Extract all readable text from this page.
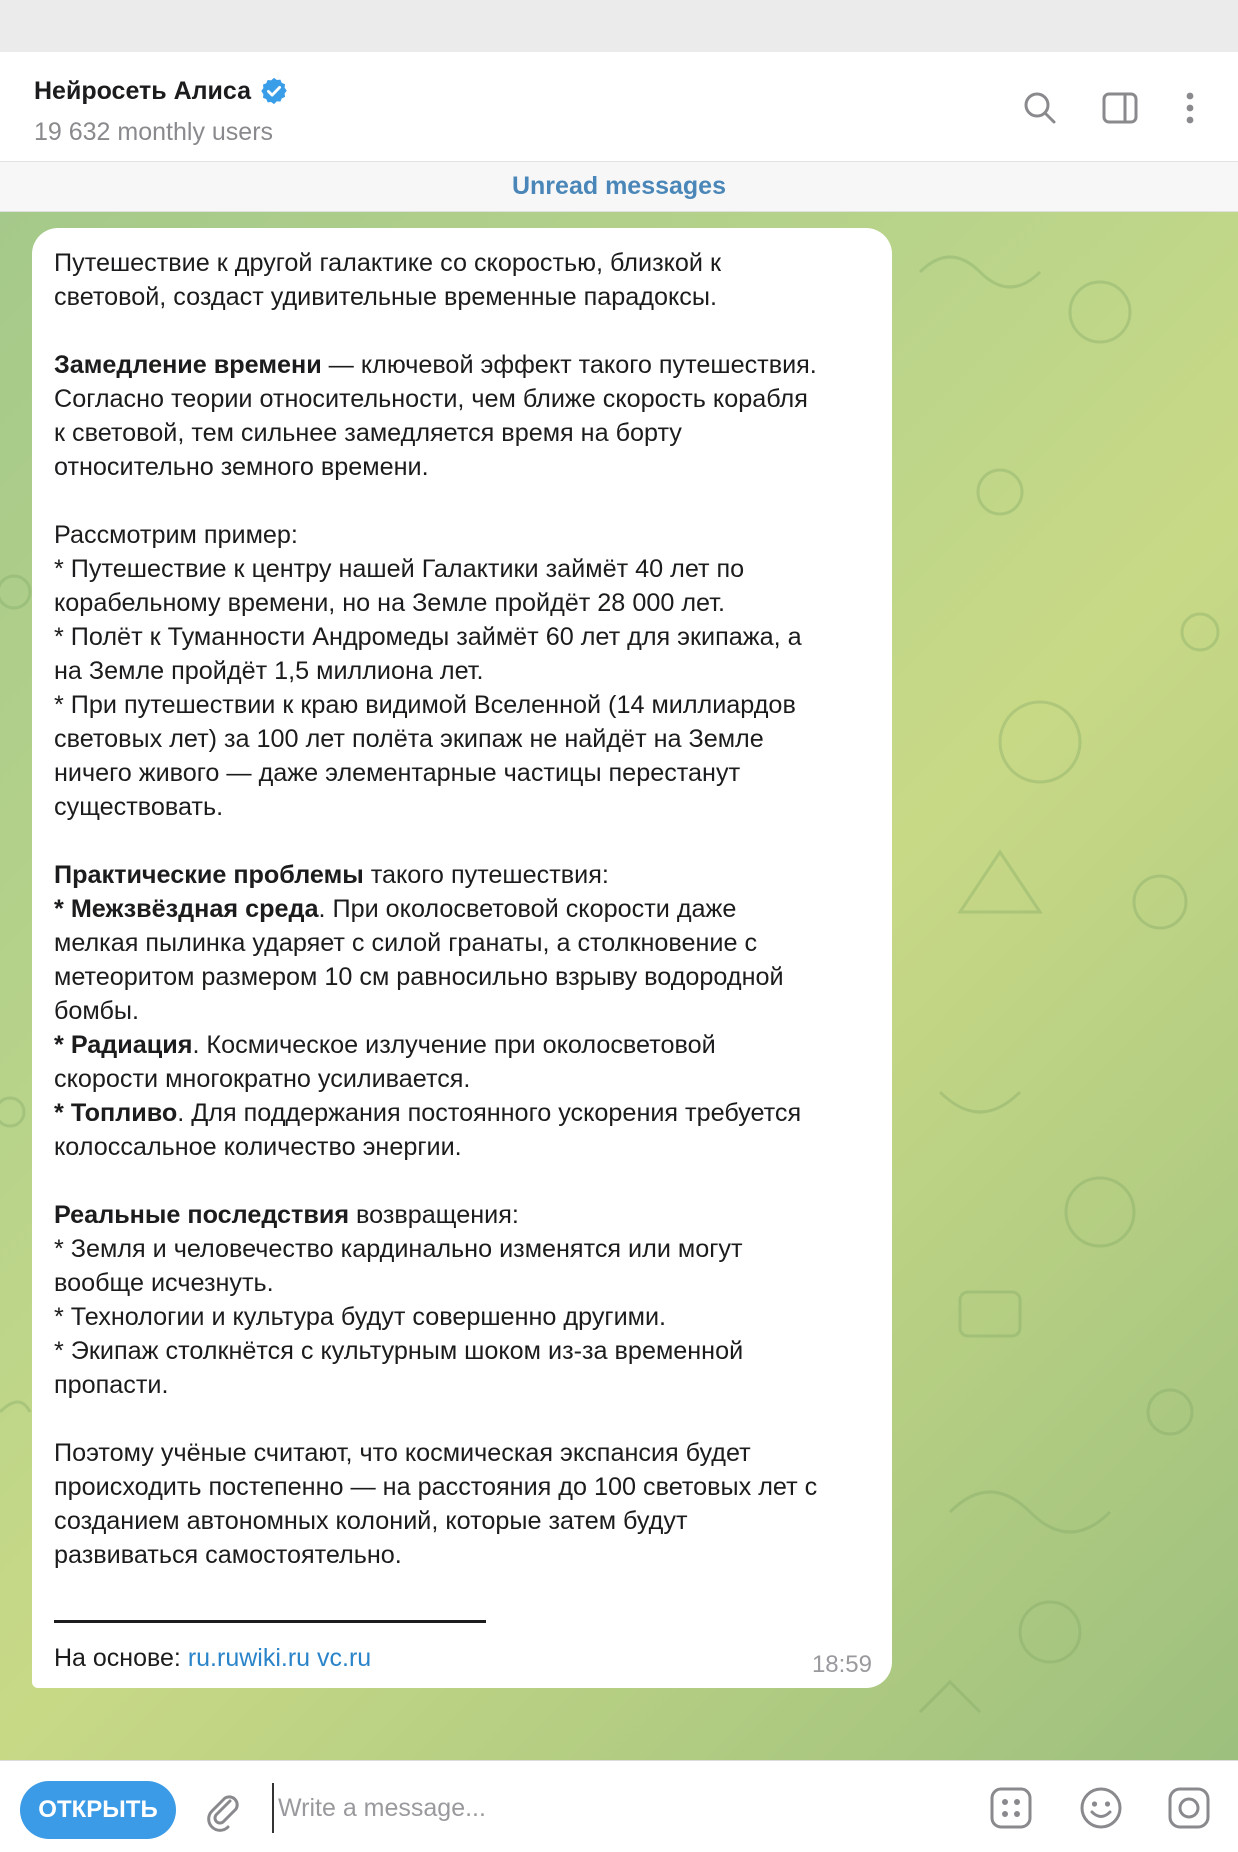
Нейросеть Алиса
19 632 monthly users
Unread messages
Путешествие к другой галактике со скоростью, близкой к
световой, создаст удивительные временные парадоксы.
Замедление времени — ключевой эффект такого путешествия.
Согласно теории относительности, чем ближе скорость корабля
к световой, тем сильнее замедляется время на борту
относительно земного времени.
Рассмотрим пример:
* Путешествие к центру нашей Галактики займёт 40 лет по
корабельному времени, но на Земле пройдёт 28 000 лет.
* Полёт к Туманности Андромеды займёт 60 лет для экипажа, а
на Земле пройдёт 1,5 миллиона лет.
* При путешествии к краю видимой Вселенной (14 миллиардов
световых лет) за 100 лет полёта экипаж не найдёт на Земле
ничего живого — даже элементарные частицы перестанут
существовать.
Практические проблемы такого путешествия:
* Межзвёздная среда. При околосветовой скорости даже
мелкая пылинка ударяет с силой гранаты, а столкновение с
метеоритом размером 10 см равносильно взрыву водородной
бомбы.
* Радиация. Космическое излучение при околосветовой
скорости многократно усиливается.
* Топливо. Для поддержания постоянного ускорения требуется
колоссальное количество энергии.
Реальные последствия возвращения:
* Земля и человечество кардинально изменятся или могут
вообще исчезнуть.
* Технологии и культура будут совершенно другими.
* Экипаж столкнётся с культурным шоком из-за временной
пропасти.
Поэтому учёные считают, что космическая экспансия будет
происходить постепенно — на расстояния до 100 световых лет с
созданием автономных колоний, которые затем будут
развиваться самостоятельно.
На основе: ru.ruwiki.ru vc.ru	18:59
ОТКРЫТЬ
Write a message...
